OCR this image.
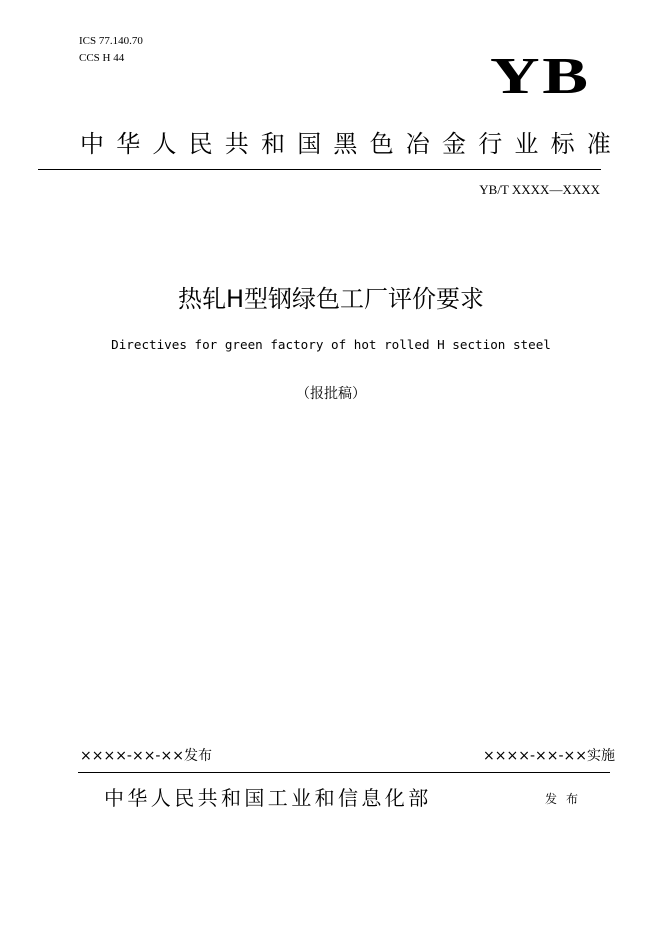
ICS 77.140.70
CCS H 44	YB
中华人民共和国黑色冶金行业标准
YB/T XXXX—XXXX
热轧H型钢绿色工厂评价要求
Directives for green factory of hot rolled H section steel
（报批稿）
××××-××-××发布	××××-××-××实施
中华人民共和国工业和信息化部	发布
